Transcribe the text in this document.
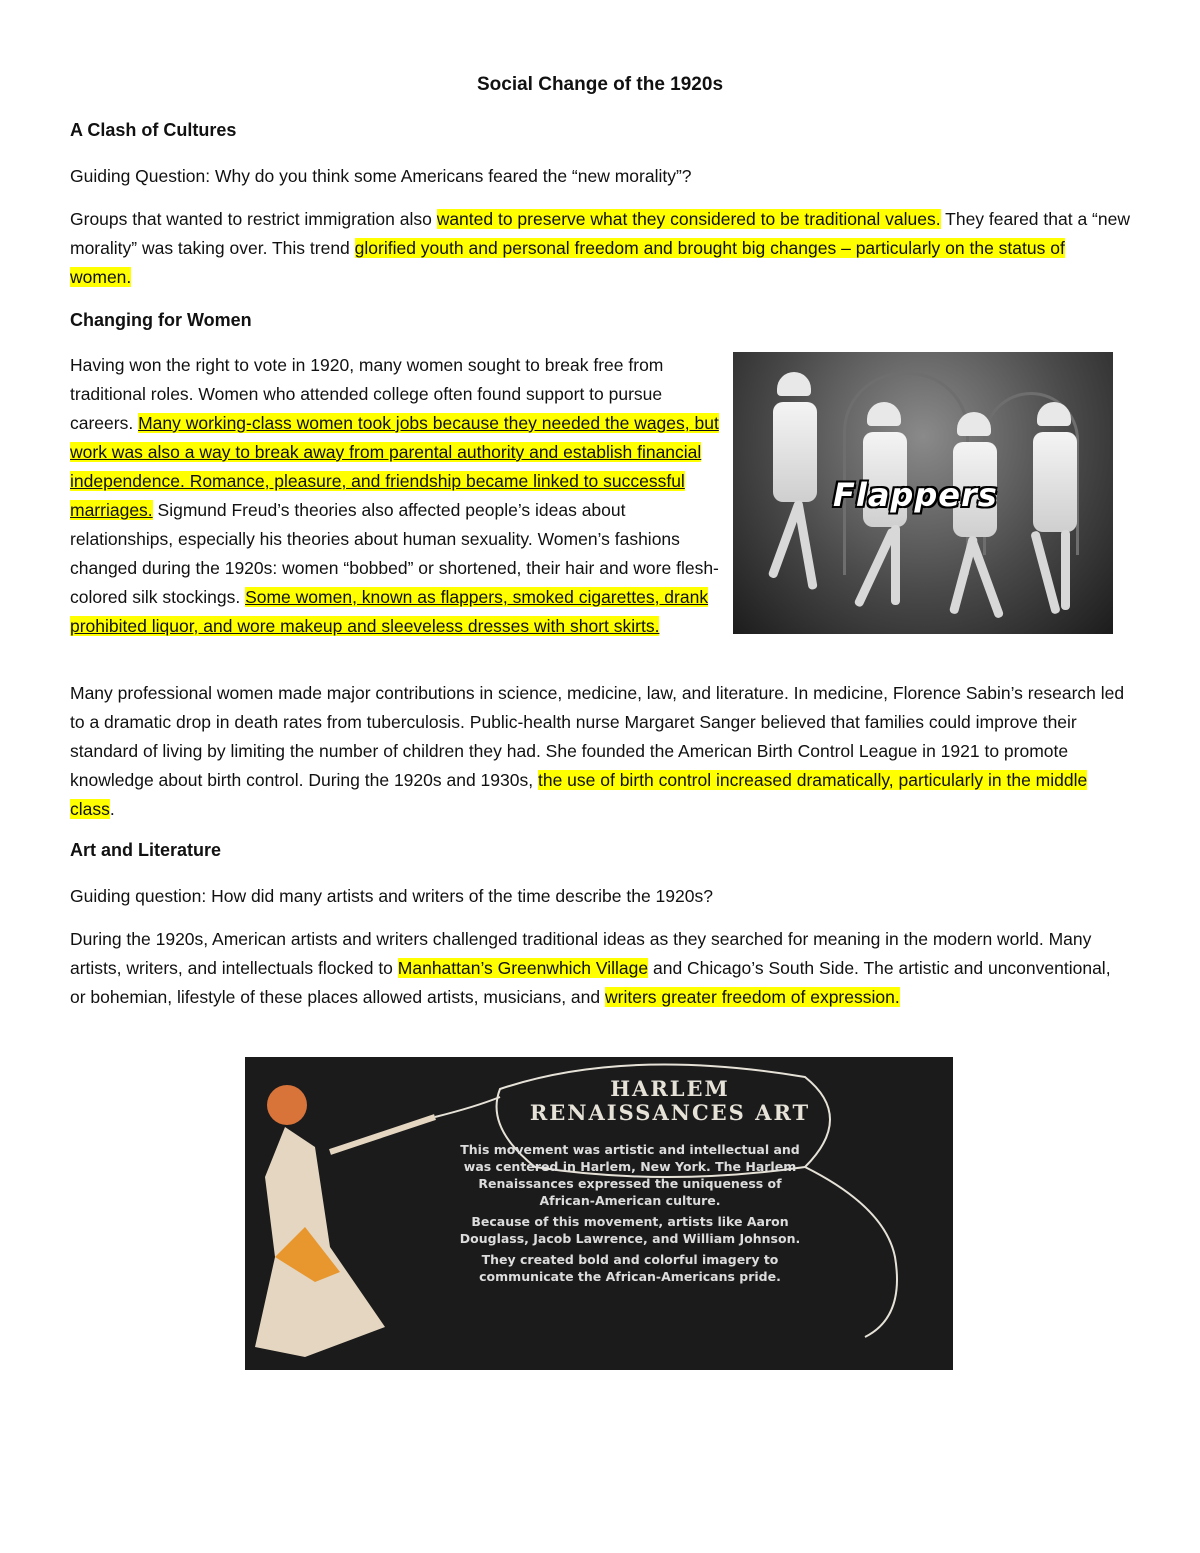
Social Change of the 1920s
A Clash of Cultures

Guiding Question: Why do you think some Americans feared the “new morality”?

Groups that wanted to restrict immigration also wanted to preserve what they considered to be traditional values. They feared that a “new morality” was taking over. This trend glorified youth and personal freedom and brought big changes – particularly on the status of women.

Changing for Women

Having won the right to vote in 1920, many women sought to break free from traditional roles. Women who attended college often found support to pursue careers. Many working-class women took jobs because they needed the wages, but work was also a way to break away from parental authority and establish financial independence. Romance, pleasure, and friendship became linked to successful marriages. Sigmund Freud’s theories also affected people’s ideas about relationships, especially his theories about human sexuality. Women’s fashions changed during the 1920s: women “bobbed” or shortened, their hair and wore flesh-colored silk stockings. Some women, known as flappers, smoked cigarettes, drank prohibited liquor, and wore makeup and sleeveless dresses with short skirts.

Flappers

Many professional women made major contributions in science, medicine, law, and literature. In medicine, Florence Sabin’s research led to a dramatic drop in death rates from tuberculosis. Public-health nurse Margaret Sanger believed that families could improve their standard of living by limiting the number of children they had. She founded the American Birth Control League in 1921 to promote knowledge about birth control. During the 1920s and 1930s, the use of birth control increased dramatically, particularly in the middle class.

Art and Literature

Guiding question: How did many artists and writers of the time describe the 1920s?

During the 1920s, American artists and writers challenged traditional ideas as they searched for meaning in the modern world. Many artists, writers, and intellectuals flocked to Manhattan’s Greenwhich Village and Chicago’s South Side. The artistic and unconventional, or bohemian, lifestyle of these places allowed artists, musicians, and writers greater freedom of expression.

HARLEM
RENAISSANCES ART

This movement was artistic and intellectual and was centered in Harlem, New York. The Harlem Renaissances expressed the uniqueness of African-American culture.

Because of this movement, artists like Aaron Douglass, Jacob Lawrence, and William Johnson.

They created bold and colorful imagery to communicate the African-Americans pride.
